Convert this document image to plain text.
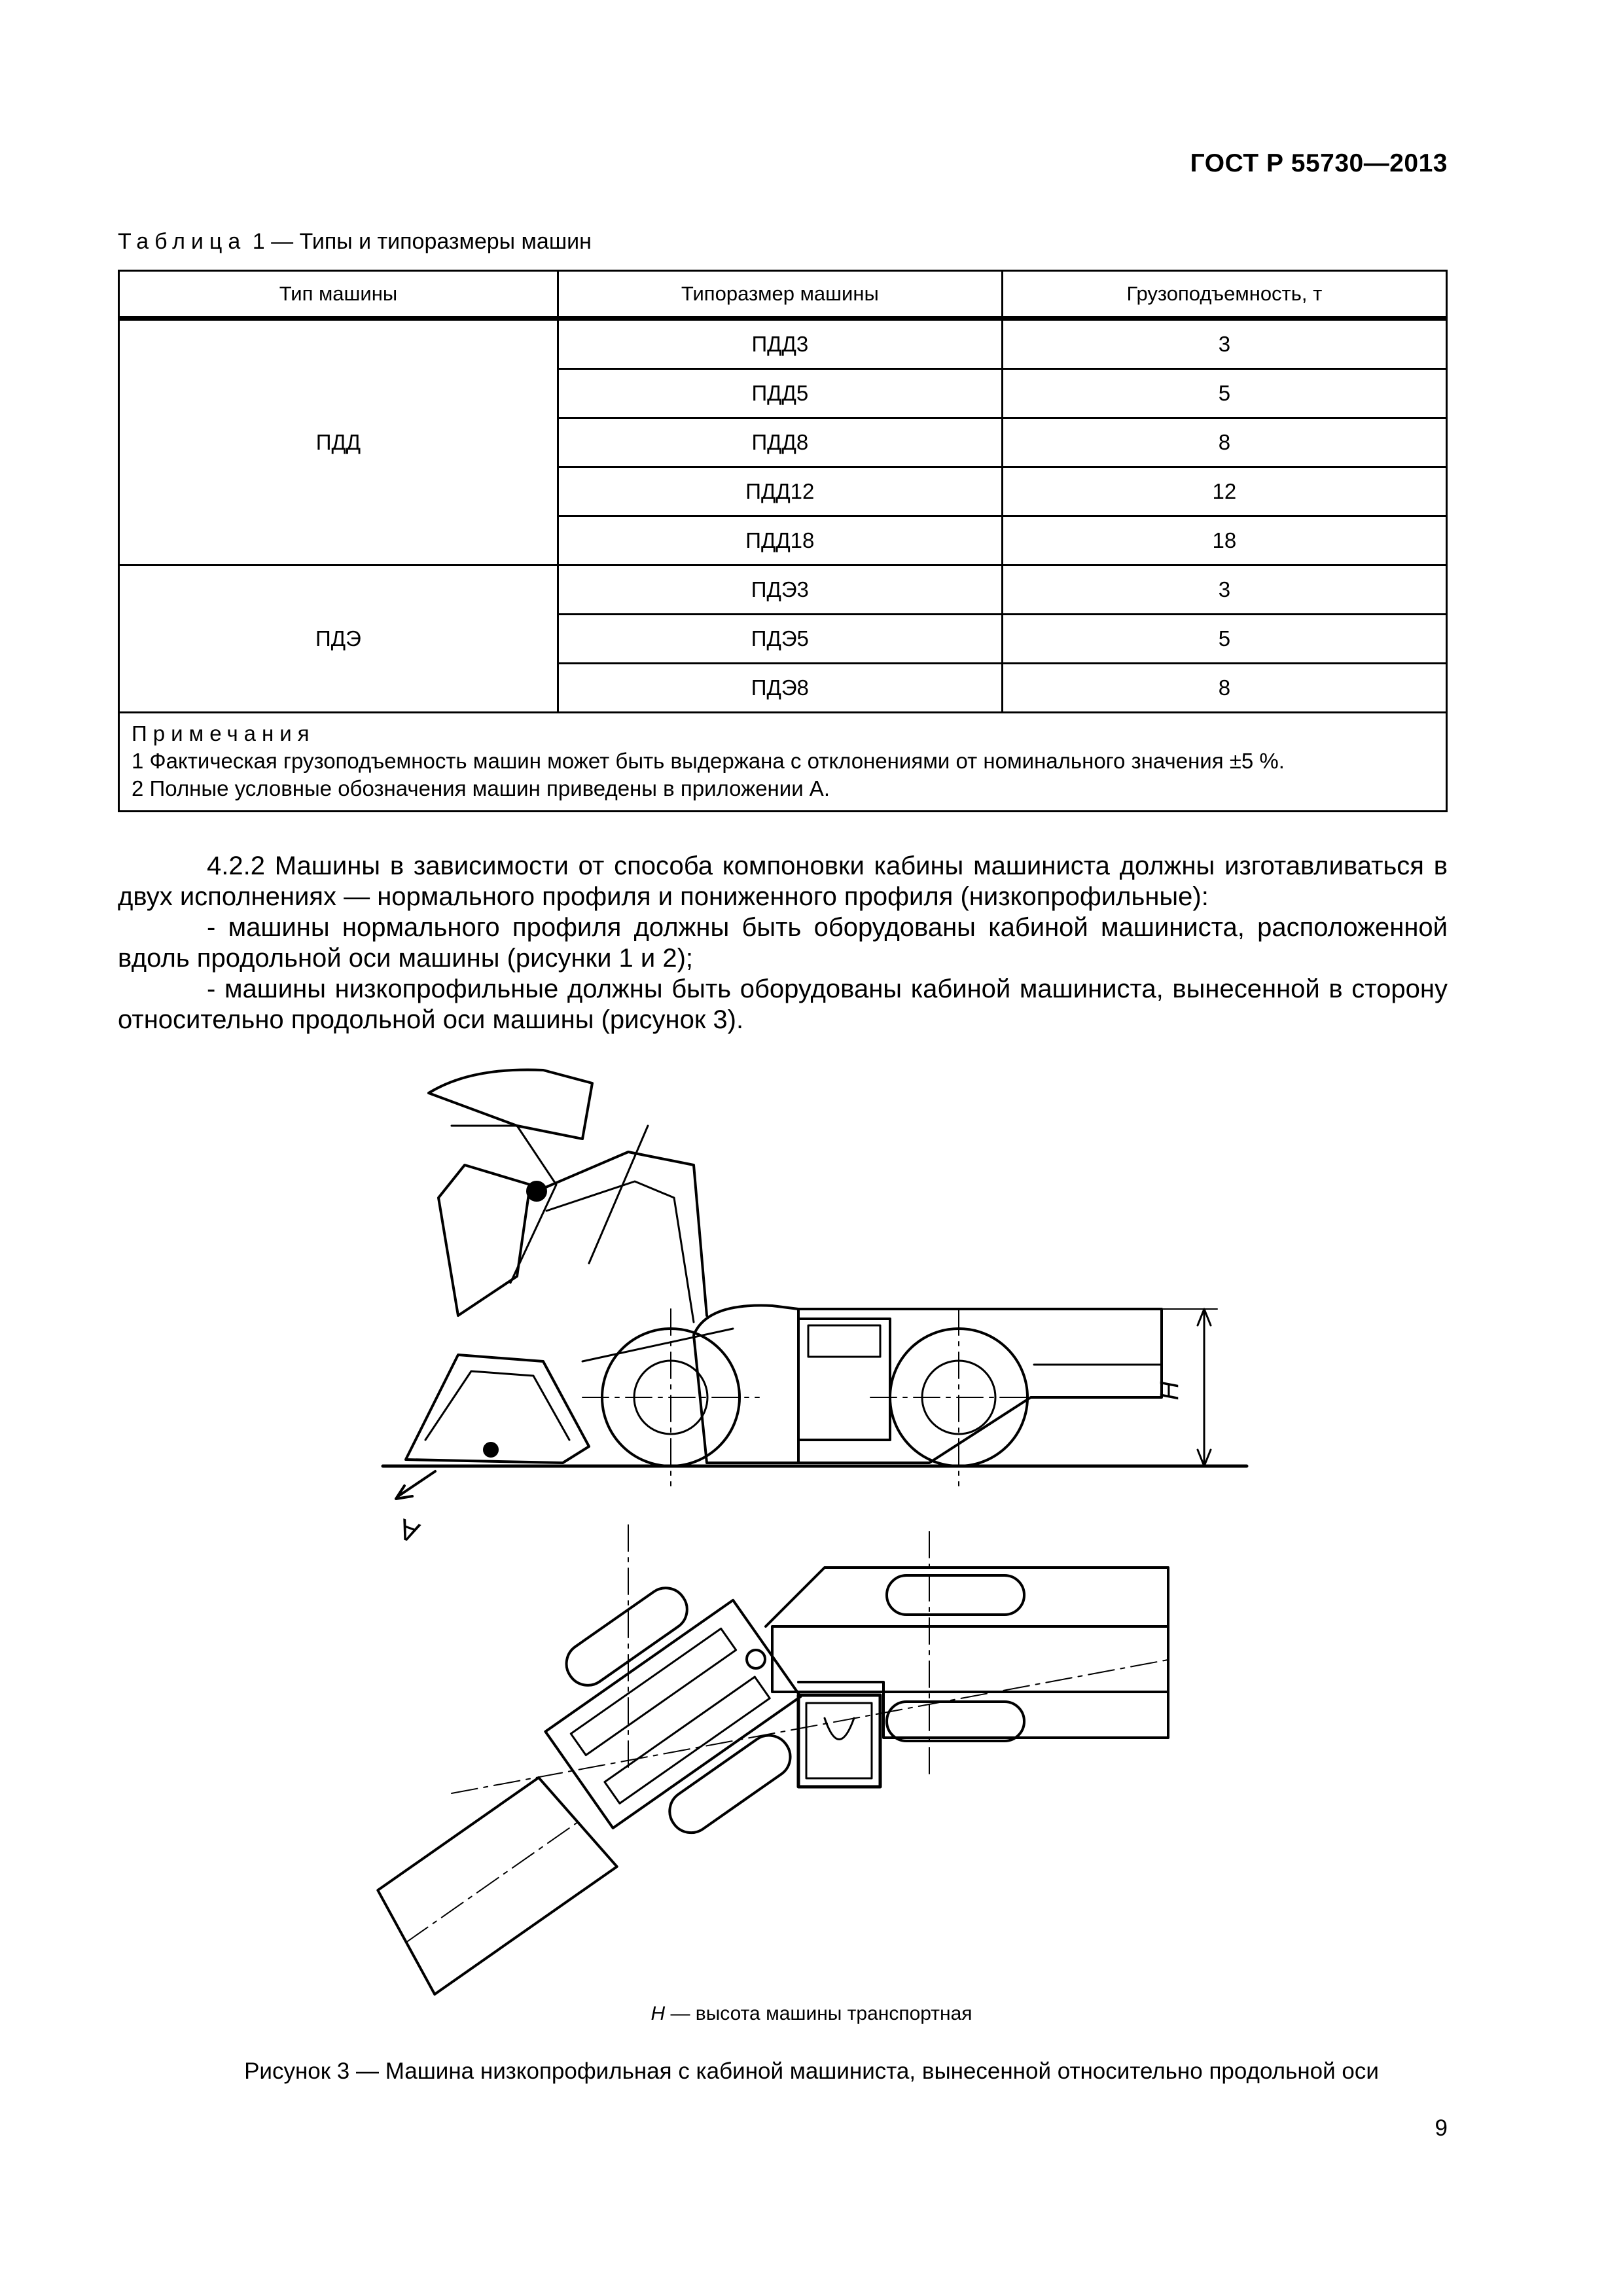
ГОСТ Р 55730—2013
Таблица 1 — Типы и типоразмеры машин
Тип машины	Типоразмер машины	Грузоподъемность, т
ПДД	ПДД3	3
	ПДД5	5
	ПДД8	8
	ПДД12	12
	ПДД18	18
ПДЭ	ПДЭ3	3
	ПДЭ5	5
	ПДЭ8	8

Примечания
1 Фактическая грузоподъемность машин может быть выдержана с отклонениями от номинального значения ±5 %.
2 Полные условные обозначения машин приведены в приложении А.		

4.2.2 Машины в зависимости от способа компоновки кабины машиниста должны изготавливаться в двух исполнениях — нормального профиля и пониженного профиля (низкопрофильные):

- машины нормального профиля должны быть оборудованы кабиной машиниста, расположенной вдоль продольной оси машины (рисунки 1 и 2);

- машины низкопрофильные должны быть оборудованы кабиной машиниста, вынесенной в сторону относительно продольной оси машины (рисунок 3).

H
A
H — высота машины транспортная
Рисунок 3 — Машина низкопрофильная с кабиной машиниста, вынесенной относительно продольной оси
9
